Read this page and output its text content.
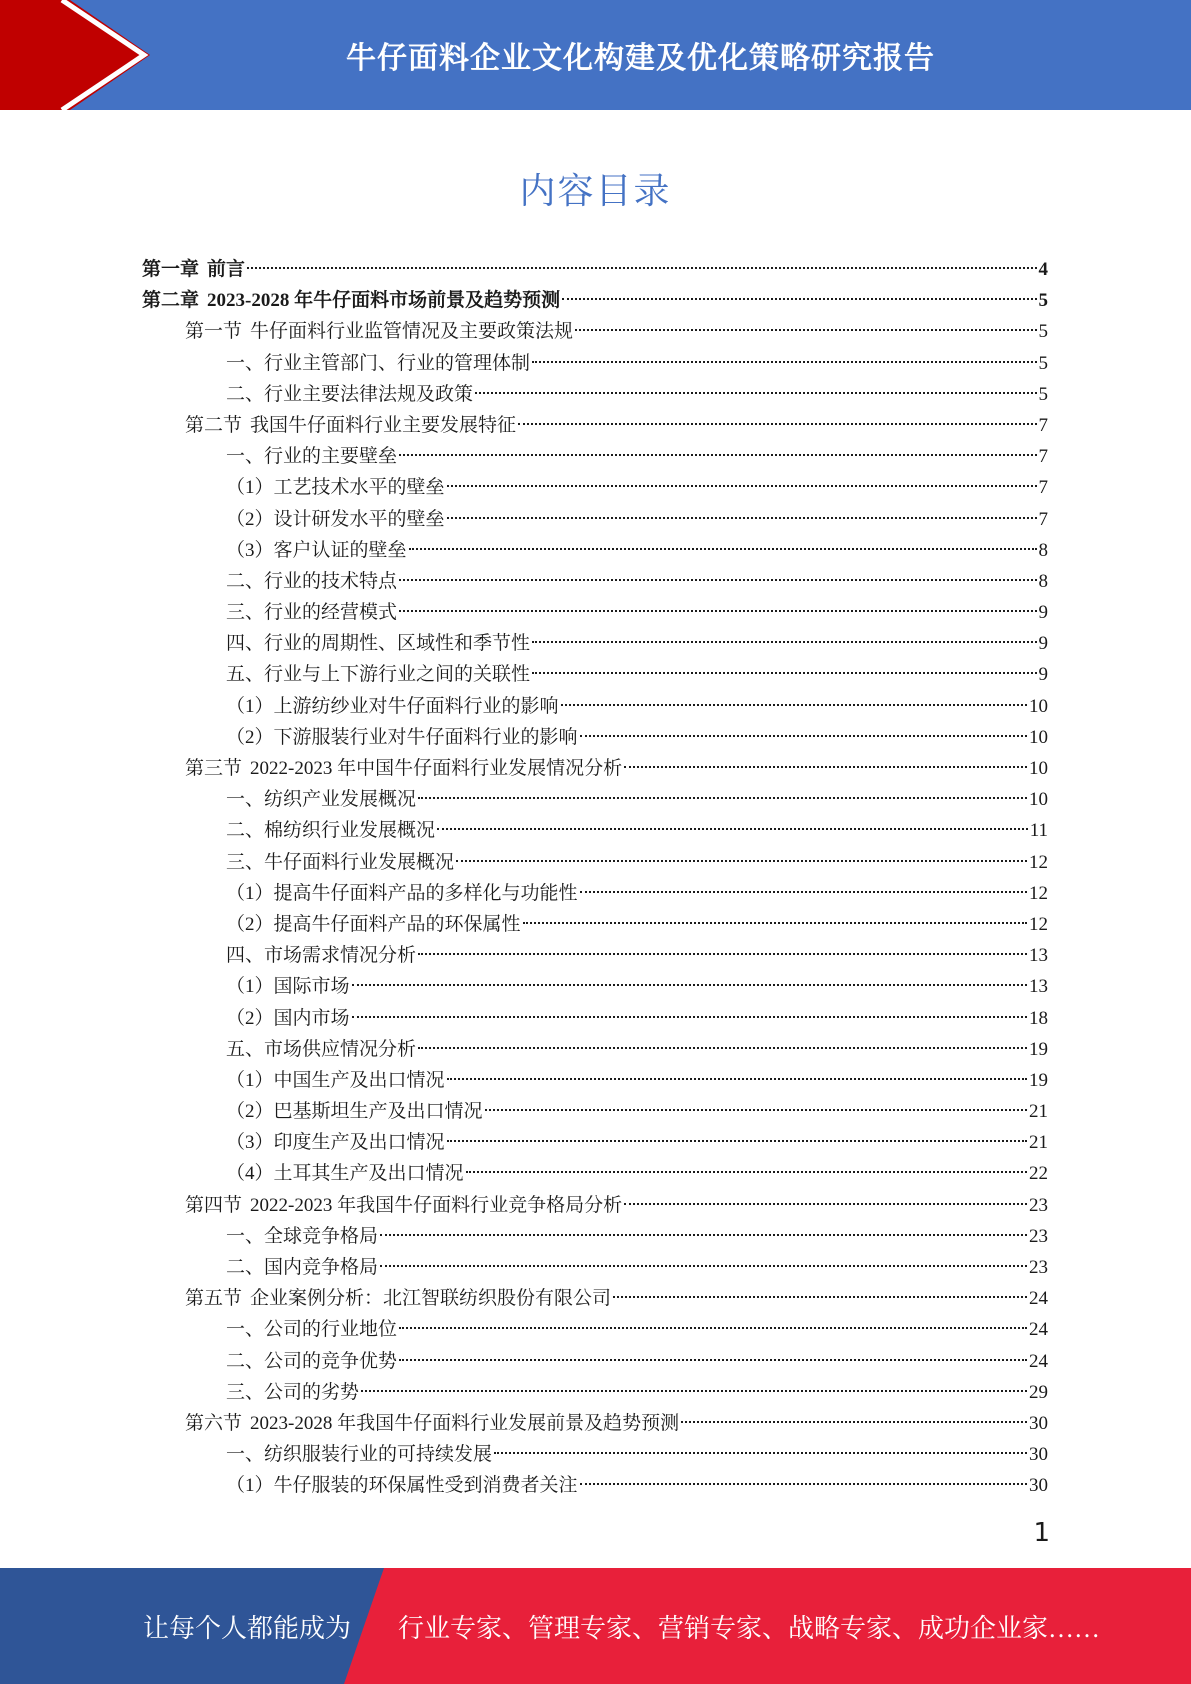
牛仔面料企业文化构建及优化策略研究报告
内容目录
第一章 前言	4
第二章 2023-2028 年牛仔面料市场前景及趋势预测	5
第一节 牛仔面料行业监管情况及主要政策法规	5
一、行业主管部门、行业的管理体制	5
二、行业主要法律法规及政策	5
第二节 我国牛仔面料行业主要发展特征	7
一、行业的主要壁垒	7
（1）工艺技术水平的壁垒	7
（2）设计研发水平的壁垒	7
（3）客户认证的壁垒	8
二、行业的技术特点	8
三、行业的经营模式	9
四、行业的周期性、区域性和季节性	9
五、行业与上下游行业之间的关联性	9
（1）上游纺纱业对牛仔面料行业的影响	10
（2）下游服装行业对牛仔面料行业的影响	10
第三节 2022-2023 年中国牛仔面料行业发展情况分析	10
一、纺织产业发展概况	10
二、棉纺织行业发展概况	11
三、牛仔面料行业发展概况	12
（1）提高牛仔面料产品的多样化与功能性	12
（2）提高牛仔面料产品的环保属性	12
四、市场需求情况分析	13
（1）国际市场	13
（2）国内市场	18
五、市场供应情况分析	19
（1）中国生产及出口情况	19
（2）巴基斯坦生产及出口情况	21
（3）印度生产及出口情况	21
（4）土耳其生产及出口情况	22
第四节 2022-2023 年我国牛仔面料行业竞争格局分析	23
一、全球竞争格局	23
二、国内竞争格局	23
第五节 企业案例分析：北江智联纺织股份有限公司	24
一、公司的行业地位	24
二、公司的竞争优势	24
三、公司的劣势	29
第六节 2023-2028 年我国牛仔面料行业发展前景及趋势预测	30
一、纺织服装行业的可持续发展	30
（1）牛仔服装的环保属性受到消费者关注	30
1
让每个人都能成为 行业专家、管理专家、营销专家、战略专家、成功企业家……
